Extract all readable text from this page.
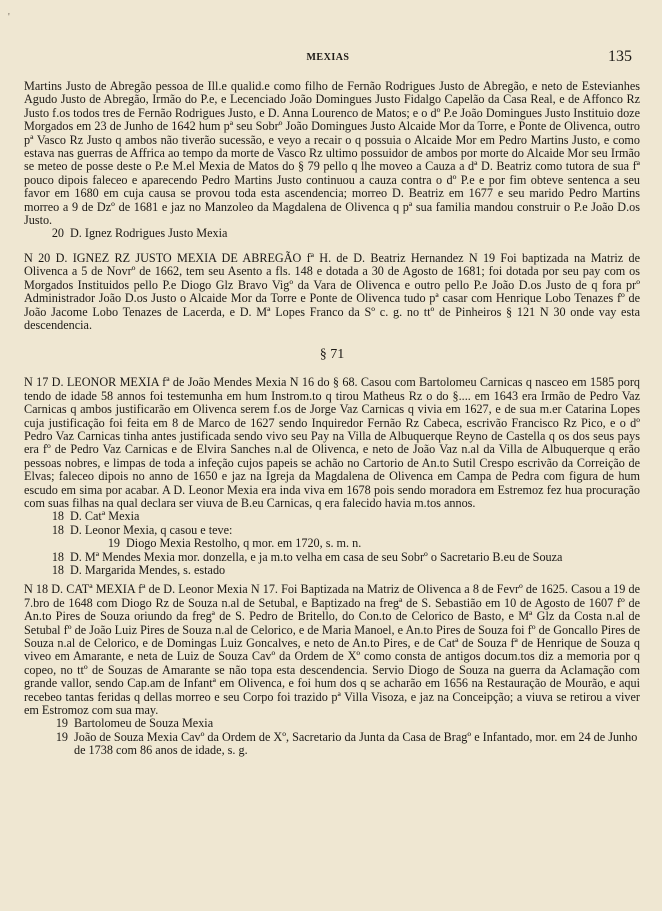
'
MEXIAS	135

Martins Justo de Abregão pessoa de Ill.e qualid.e como filho de Fernão Rodrigues Justo de Abregão, e neto de Estevianhes Agudo Justo de Abregão, Irmão do P.e, e Lecenciado João Domingues Justo Fidalgo Capelão da Casa Real, e de Affonco Rz Justo f.os todos tres de Fernão Rodrigues Justo, e D. Anna Lourenco de Matos; e o dº P.e João Domingues Justo Instituio doze Morgados em 23 de Junho de 1642 hum pª seu Sobrº João Domingues Justo Alcaide Mor da Torre, e Ponte de Olivenca, outro pª Vasco Rz Justo q ambos não tiverão sucessão, e veyo a recair o q possuia o Alcaide Mor em Pedro Martins Justo, e como estava nas guerras de Affrica ao tempo da morte de Vasco Rz ultimo possuidor de ambos por morte do Alcaide Mor seu Irmão se meteo de posse deste o P.e M.el Mexia de Matos do § 79 pello q lhe moveo a Cauza a dª D. Beatriz como tutora de sua fª pouco dipois faleceo e aparecendo Pedro Martins Justo continuou a cauza contra o dº P.e e por fim obteve sentenca a seu favor em 1680 em cuja causa se provou toda esta ascendencia; morreo D. Beatriz em 1677 e seu marido Pedro Martins morreo a 9 de Dzº de 1681 e jaz no Manzoleo da Magdalena de Olivenca q pª sua familia mandou construir o P.e João D.os Justo.

20 D. Ignez Rodrigues Justo Mexia

N 20 D. IGNEZ RZ JUSTO MEXIA DE ABREGÃO fª H. de D. Beatriz Hernandez N 19 Foi baptizada na Matriz de Olivenca a 5 de Novrº de 1662, tem seu Asento a fls. 148 e dotada a 30 de Agosto de 1681; foi dotada por seu pay com os Morgados Instituidos pello P.e Diogo Glz Bravo Vigº da Vara de Olivenca e outro pello P.e João D.os Justo de q fora prº Administrador João D.os Justo o Alcaide Mor da Torre e Ponte de Olivenca tudo pª casar com Henrique Lobo Tenazes fº de João Jacome Lobo Tenazes de Lacerda, e D. Mª Lopes Franco da Sº c. g. no ttº de Pinheiros § 121 N 30 onde vay esta descendencia.

§ 71

N 17 D. LEONOR MEXIA fª de João Mendes Mexia N 16 do § 68. Casou com Bartolomeu Carnicas q nasceo em 1585 porq tendo de idade 58 annos foi testemunha em hum Instrom.to q tirou Matheus Rz o do §.... em 1643 era Irmão de Pedro Vaz Carnicas q ambos justificarão em Olivenca serem f.os de Jorge Vaz Carnicas q vivia em 1627, e de sua m.er Catarina Lopes cuja justificação foi feita em 8 de Marco de 1627 sendo Inquiredor Fernão Rz Cabeca, escrivão Francisco Rz Pico, e o dº Pedro Vaz Carnicas tinha antes justificada sendo vivo seu Pay na Villa de Albuquerque Reyno de Castella q os dos seus pays era fº de Pedro Vaz Carnicas e de Elvira Sanches n.al de Olivenca, e neto de João Vaz n.al da Villa de Albuquerque q erão pessoas nobres, e limpas de toda a infeção cujos papeis se achão no Cartorio de An.to Sutil Crespo escrivão da Correição de Elvas; faleceo dipois no anno de 1650 e jaz na Igreja da Magdalena de Olivenca em Campa de Pedra com figura de hum escudo em sima por acabar. A D. Leonor Mexia era inda viva em 1678 pois sendo moradora em Estremoz fez hua procuração com suas filhas na qual declara ser viuva de B.eu Carnicas, q era falecido havia m.tos annos.

18 D. Catª Mexia
18 D. Leonor Mexia, q casou e teve:
19 Diogo Mexia Restolho, q mor. em 1720, s. m. n.
18 D. Mª Mendes Mexia mor. donzella, e ja m.to velha em casa de seu Sobrº o Sacretario B.eu de Souza
18 D. Margarida Mendes, s. estado

N 18 D. CATª MEXIA fª de D. Leonor Mexia N 17. Foi Baptizada na Matriz de Olivenca a 8 de Fevrº de 1625. Casou a 19 de 7.bro de 1648 com Diogo Rz de Souza n.al de Setubal, e Baptizado na fregª de S. Sebastião em 10 de Agosto de 1607 fº de An.to Pires de Souza oriundo da fregª de S. Pedro de Britello, do Con.to de Celorico de Basto, e Mª Glz da Costa n.al de Setubal fº de João Luiz Pires de Souza n.al de Celorico, e de Maria Manoel, e An.to Pires de Souza foi fº de Goncallo Pires de Souza n.al de Celorico, e de Domingas Luiz Goncalves, e neto de An.to Pires, e de Catª de Souza fª de Henrique de Souza q viveo em Amarante, e neta de Luiz de Souza Cavº da Ordem de Xº como consta de antigos docum.tos diz a memoria por q copeo, no ttº de Souzas de Amarante se não topa esta descendencia. Servio Diogo de Souza na guerra da Aclamação com grande vallor, sendo Cap.am de Infantª em Olivenca, e foi hum dos q se acharão em 1656 na Restauração de Mourão, e aqui recebeo tantas feridas q dellas morreo e seu Corpo foi trazido pª Villa Visoza, e jaz na Conceipção; a viuva se retirou a viver em Estromoz com sua may.

19 Bartolomeu de Souza Mexia
19 João de Souza Mexia Cavº da Ordem de Xº, Sacretario da Junta da Casa de Bragº e Infantado, mor. em 24 de Junho de 1738 com 86 anos de idade, s. g.
